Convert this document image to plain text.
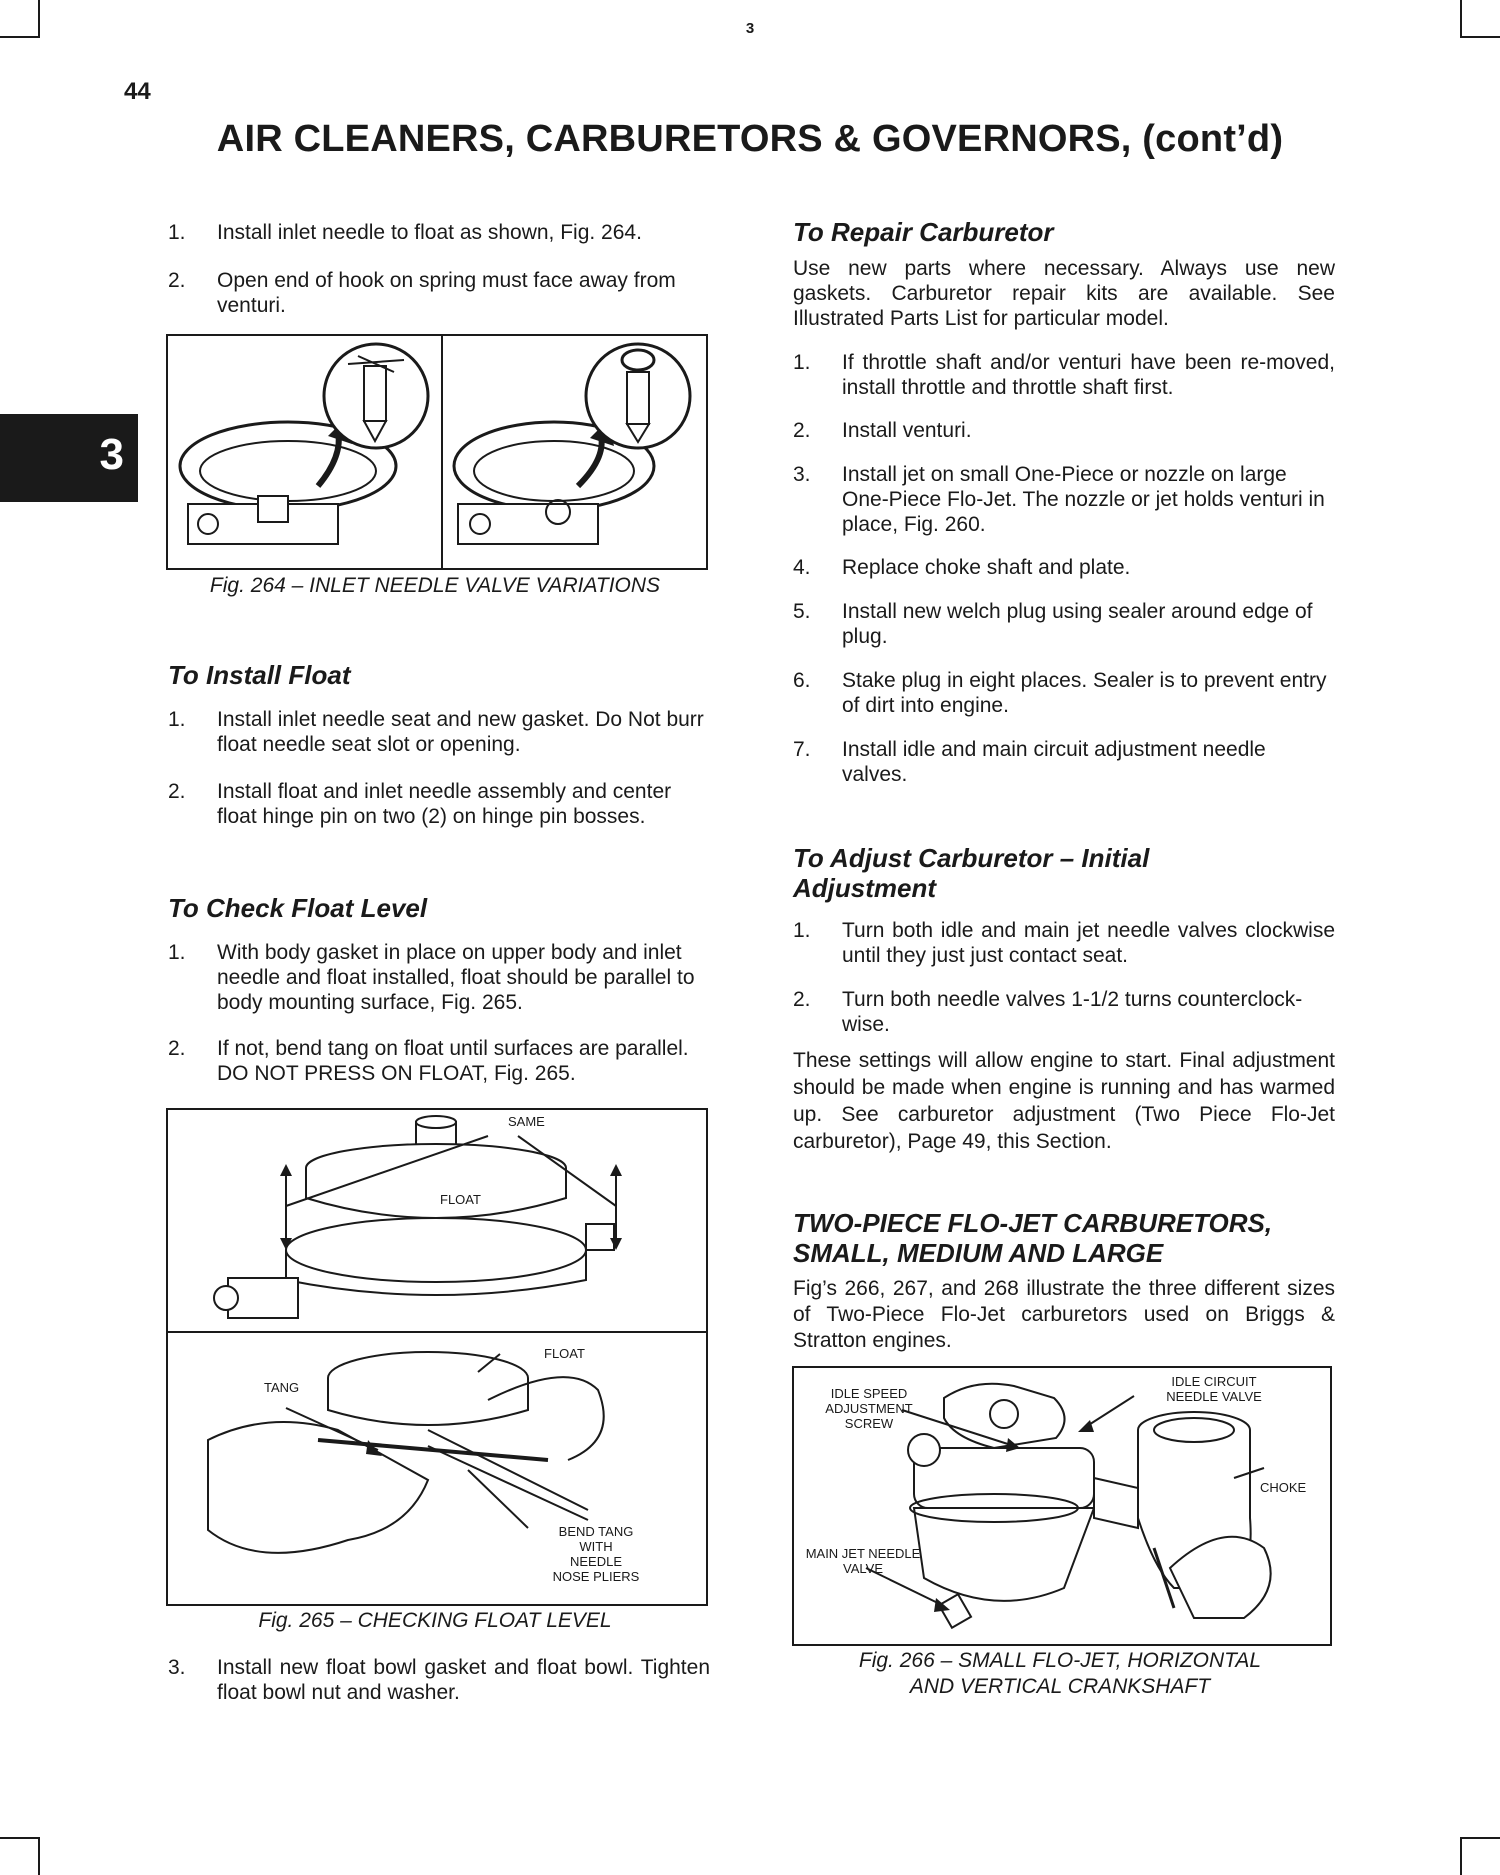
3
44
AIR CLEANERS, CARBURETORS & GOVERNORS, (cont’d)
3
1. Install inlet needle to float as shown, Fig. 264.
2. Open end of hook on spring must face away from venturi.
Fig. 264 – INLET NEEDLE VALVE VARIATIONS
To Install Float
1. Install inlet needle seat and new gasket. Do Not burr float needle seat slot or opening.
2. Install float and inlet needle assembly and center float hinge pin on two (2) on hinge pin bosses.
To Check Float Level
1. With body gasket in place on upper body and inlet needle and float installed, float should be parallel to body mounting surface, Fig. 265.
2. If not, bend tang on float until surfaces are parallel. DO NOT PRESS ON FLOAT, Fig. 265.
SAME
FLOAT
FLOAT
TANG
BEND TANG
WITH
NEEDLE
NOSE PLIERS
Fig. 265 – CHECKING FLOAT LEVEL
3. Install new float bowl gasket and float bowl. Tighten float bowl nut and washer.
To Repair Carburetor
Use new parts where necessary. Always use new gaskets. Carburetor repair kits are available. See Illustrated Parts List for particular model.
1. If throttle shaft and/or venturi have been re-moved, install throttle and throttle shaft first.
2. Install venturi.
3. Install jet on small One-Piece or nozzle on large One-Piece Flo-Jet. The nozzle or jet holds venturi in place, Fig. 260.
4. Replace choke shaft and plate.
5. Install new welch plug using sealer around edge of plug.
6. Stake plug in eight places. Sealer is to prevent entry of dirt into engine.
7. Install idle and main circuit adjustment needle valves.
To Adjust Carburetor – Initial Adjustment
1. Turn both idle and main jet needle valves clockwise until they just just contact seat.
2. Turn both needle valves 1-1/2 turns counterclock-wise.
These settings will allow engine to start. Final adjustment should be made when engine is running and has warmed up. See carburetor adjustment (Two Piece Flo-Jet carburetor), Page 49, this Section.
TWO-PIECE FLO-JET CARBURETORS, SMALL, MEDIUM AND LARGE
Fig’s 266, 267, and 268 illustrate the three different sizes of Two-Piece Flo-Jet carburetors used on Briggs & Stratton engines.
IDLE SPEED
ADJUSTMENT
SCREW
IDLE CIRCUIT
NEEDLE VALVE
CHOKE
MAIN JET NEEDLE
VALVE
Fig. 266 – SMALL FLO-JET, HORIZONTAL AND VERTICAL CRANKSHAFT
